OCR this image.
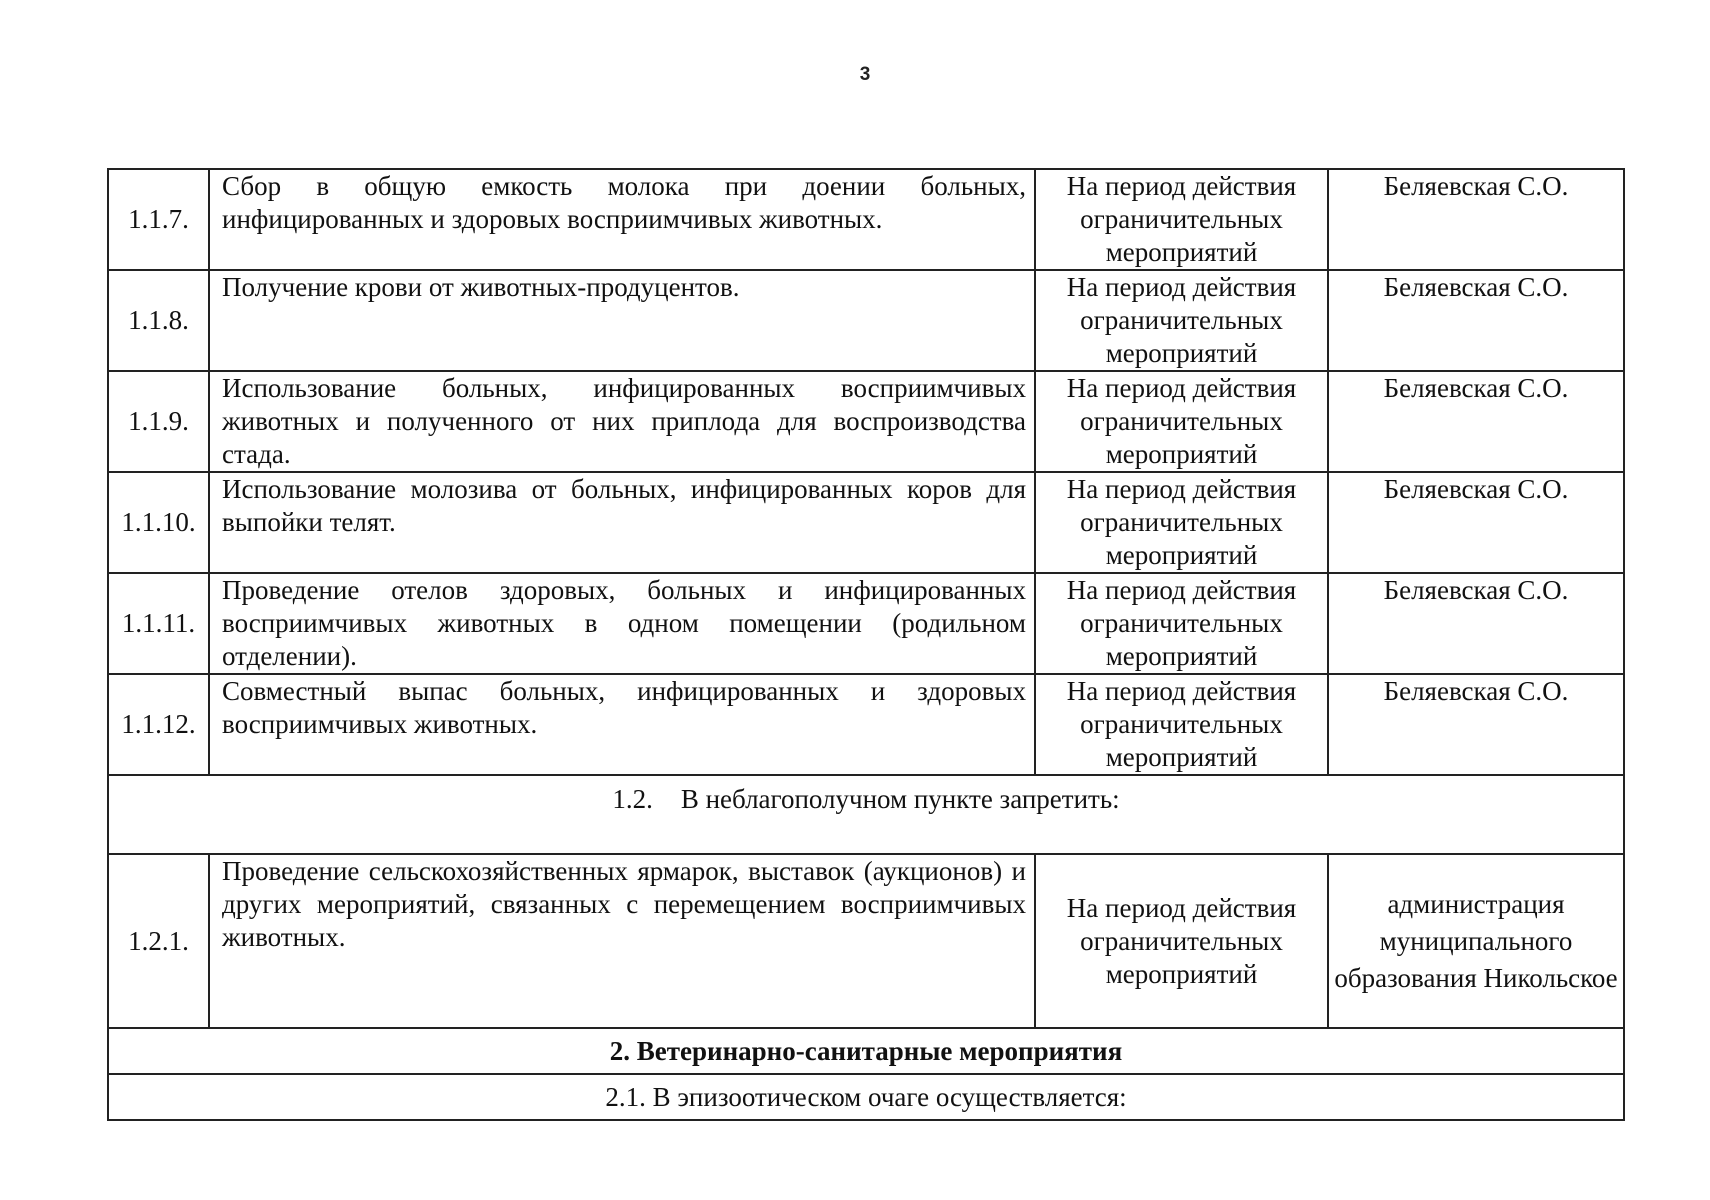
3
1.1.7.	Сбор в общую емкость молока при доении больных, инфицированных и здоровых восприимчивых животных.	На период действия ограничительных мероприятий	Беляевская С.О.
1.1.8.	Получение крови от животных-продуцентов.	На период действия ограничительных мероприятий	Беляевская С.О.
1.1.9.	Использование больных, инфицированных восприимчивых животных и полученного от них приплода для воспроизводства стада.	На период действия ограничительных мероприятий	Беляевская С.О.
1.1.10.	Использование молозива от больных, инфицированных коров для выпойки телят.	На период действия ограничительных мероприятий	Беляевская С.О.
1.1.11.	Проведение отелов здоровых, больных и инфицированных восприимчивых животных в одном помещении (родильном отделении).	На период действия ограничительных мероприятий	Беляевская С.О.
1.1.12.	Совместный выпас больных, инфицированных и здоровых восприимчивых животных.	На период действия ограничительных мероприятий	Беляевская С.О.
1.2. В неблагополучном пункте запретить:			
1.2.1.	Проведение сельскохозяйственных ярмарок, выставок (аукционов) и других мероприятий, связанных с перемещением восприимчивых животных.	На период действия ограничительных мероприятий	администрация муниципального образования Никольское
2. Ветеринарно-санитарные мероприятия			
2.1. В эпизоотическом очаге осуществляется:			
